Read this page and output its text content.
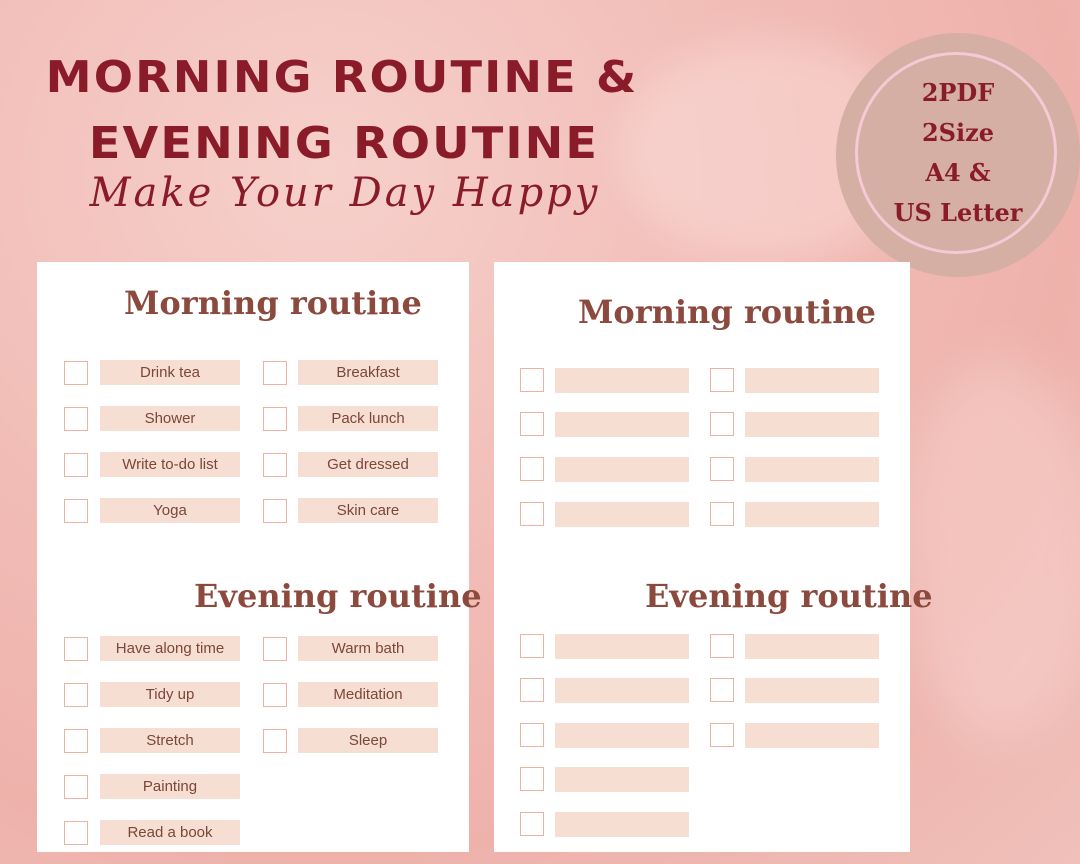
MORNING ROUTINE &
EVENING ROUTINE
Make Your Day Happy
2PDF
2Size
A4 &
US Letter
Morning routine
Evening routine
Drink tea	Breakfast
Shower	Pack lunch
Write to-do list	Get dressed
Yoga	Skin care
Have along time	Warm bath
Tidy up	Meditation
Stretch	Sleep
Painting
Read a book
Morning routine
Evening routine
